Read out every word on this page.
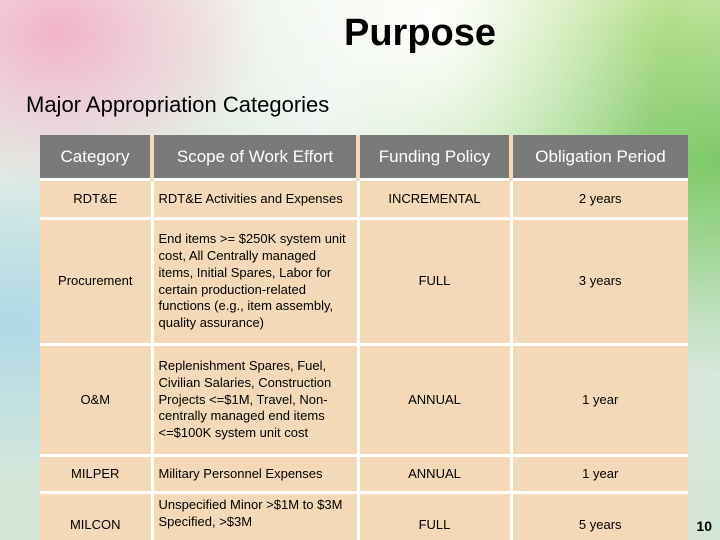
Purpose
Major Appropriation Categories
Category	Scope of Work Effort	Funding Policy	Obligation Period
RDT&E	RDT&E Activities and Expenses	INCREMENTAL	2 years
Procurement	End items >= $250K system unit cost, All Centrally managed items, Initial Spares, Labor for certain production-related functions (e.g., item assembly, quality assurance)	FULL	3 years
O&M	Replenishment Spares, Fuel, Civilian Salaries, Construction Projects <=$1M, Travel, Non-centrally managed end items <=$100K system unit cost	ANNUAL	1 year
MILPER	Military Personnel Expenses	ANNUAL	1 year
MILCON	Unspecified Minor >$1M to $3M Specified, >$3M	FULL	5 years	10
